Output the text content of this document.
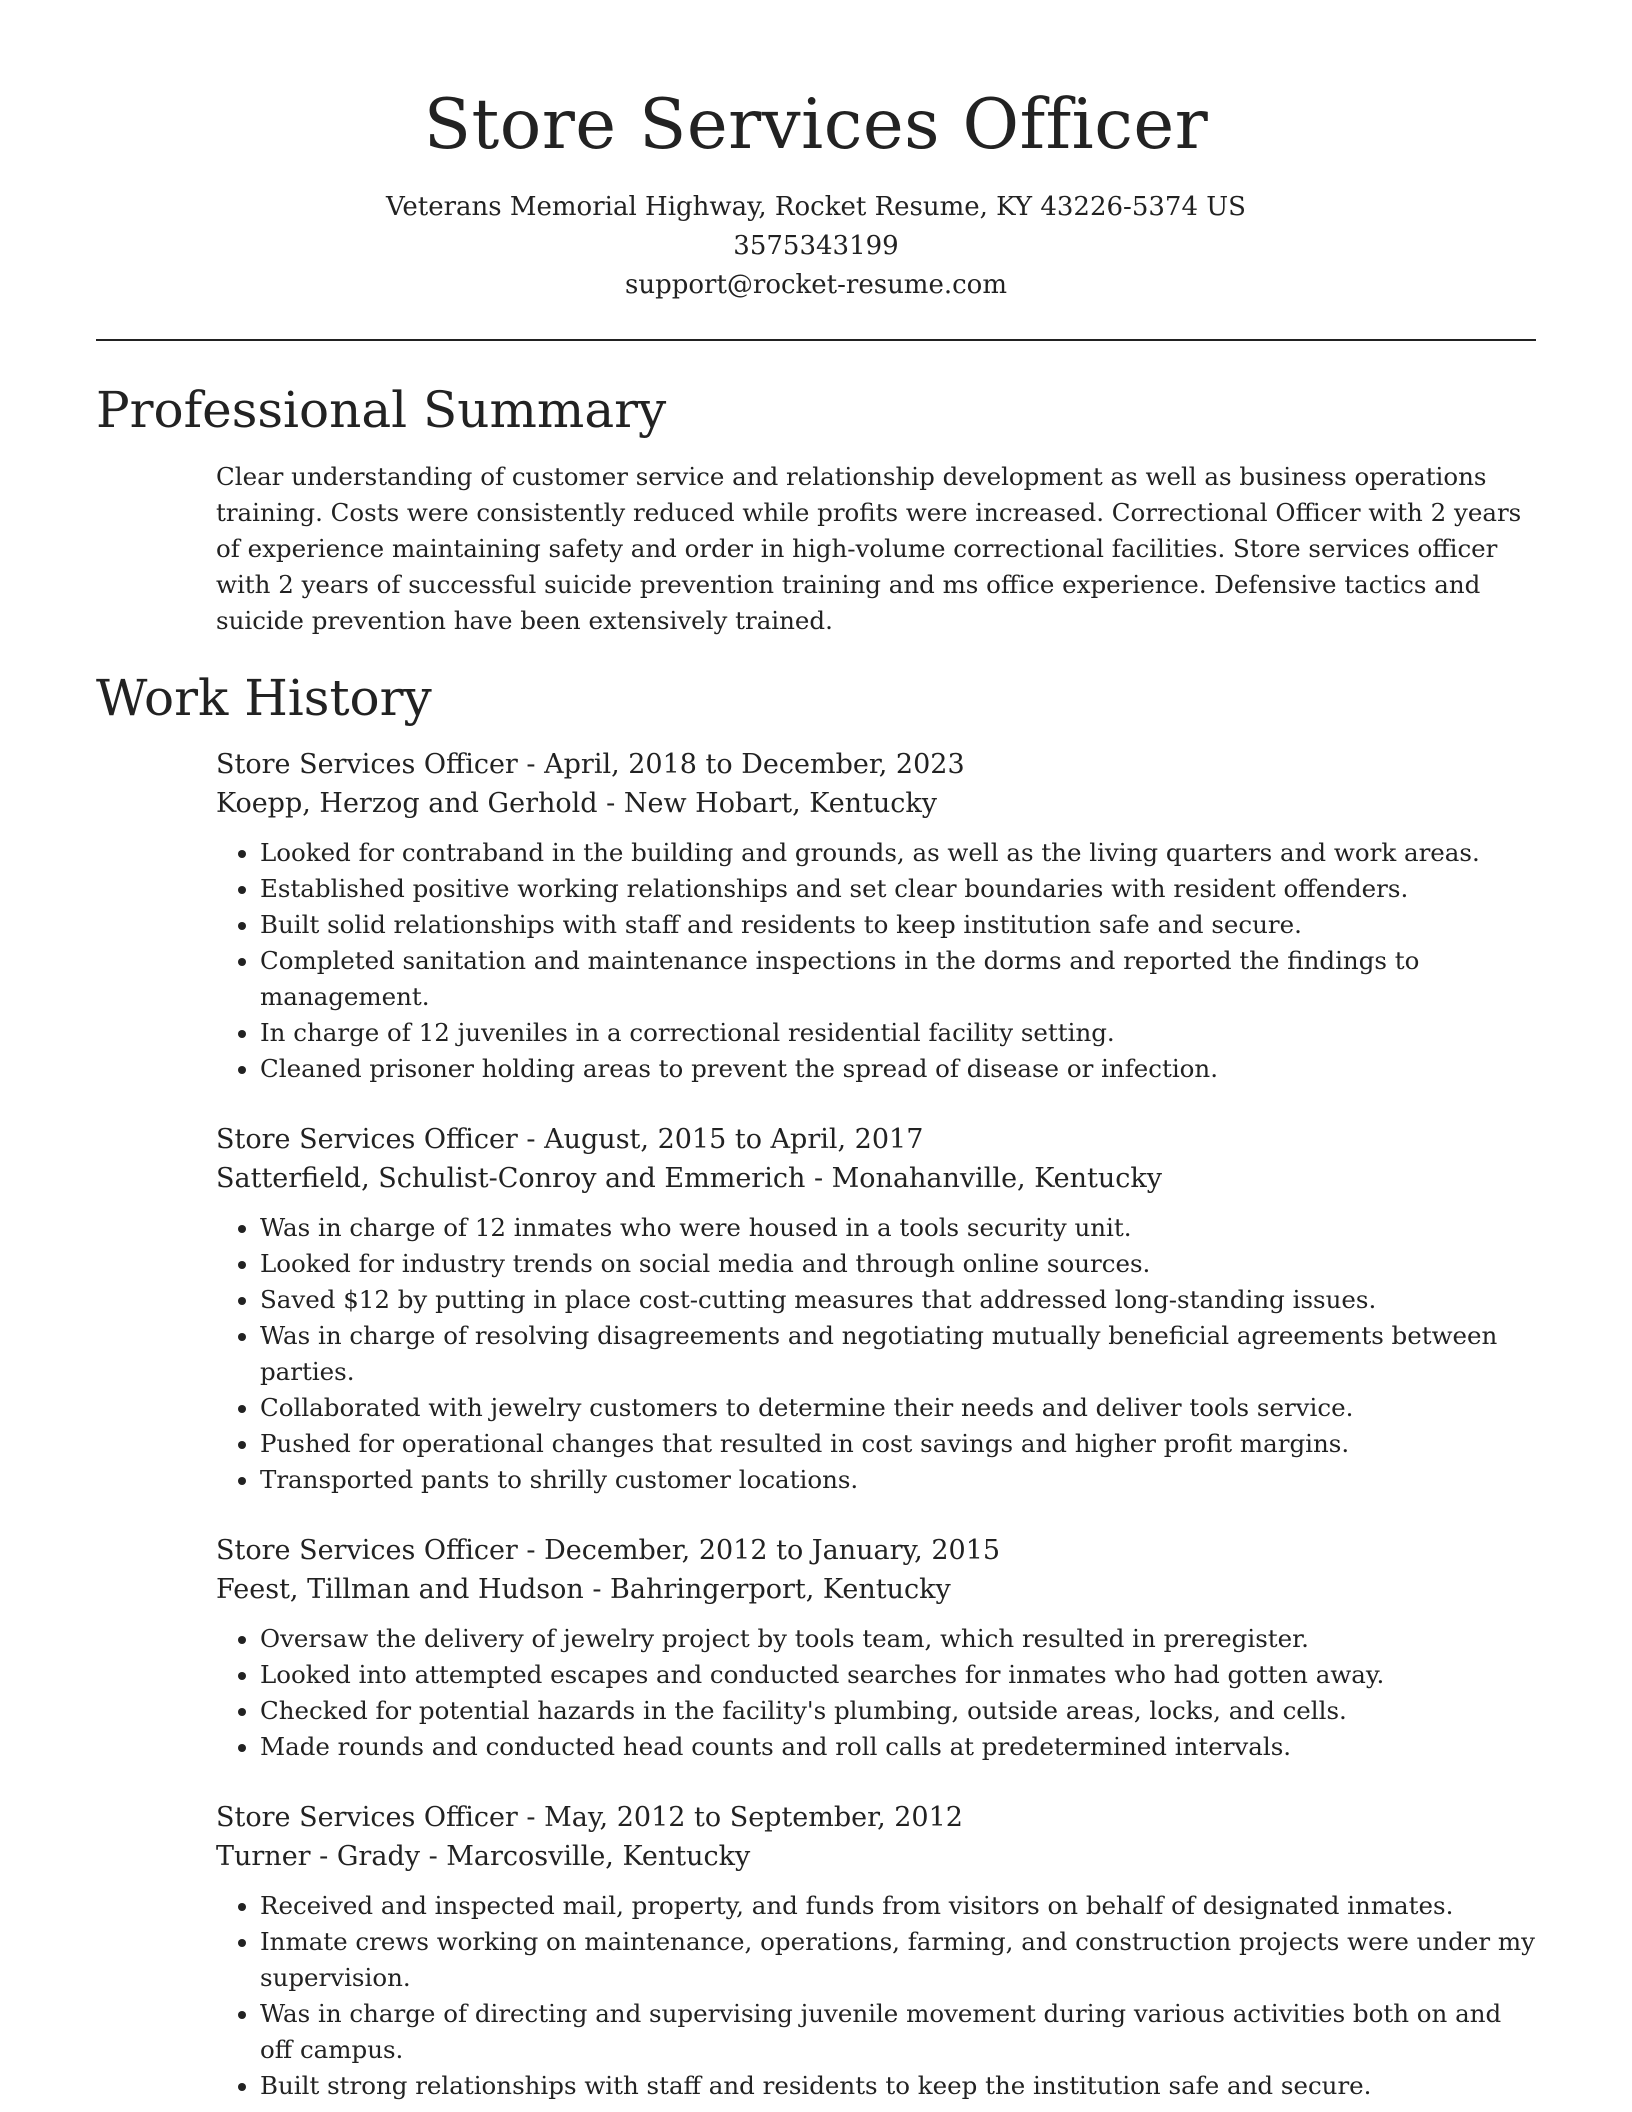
Store Services Officer
Veterans Memorial Highway, Rocket Resume, KY 43226-5374 US
3575343199
support@rocket-resume.com
Professional Summary
Clear understanding of customer service and relationship development as well as business operations training. Costs were consistently reduced while profits were increased. Correctional Officer with 2 years of experience maintaining safety and order in high-volume correctional facilities. Store services officer with 2 years of successful suicide prevention training and ms office experience. Defensive tactics and suicide prevention have been extensively trained.
Work History
Store Services Officer - April, 2018 to December, 2023
Koepp, Herzog and Gerhold - New Hobart, Kentucky
• Looked for contraband in the building and grounds, as well as the living quarters and work areas.
• Established positive working relationships and set clear boundaries with resident offenders.
• Built solid relationships with staff and residents to keep institution safe and secure.
• Completed sanitation and maintenance inspections in the dorms and reported the findings to management.
• In charge of 12 juveniles in a correctional residential facility setting.
• Cleaned prisoner holding areas to prevent the spread of disease or infection.
Store Services Officer - August, 2015 to April, 2017
Satterfield, Schulist-Conroy and Emmerich - Monahanville, Kentucky
• Was in charge of 12 inmates who were housed in a tools security unit.
• Looked for industry trends on social media and through online sources.
• Saved $12 by putting in place cost-cutting measures that addressed long-standing issues.
• Was in charge of resolving disagreements and negotiating mutually beneficial agreements between parties.
• Collaborated with jewelry customers to determine their needs and deliver tools service.
• Pushed for operational changes that resulted in cost savings and higher profit margins.
• Transported pants to shrilly customer locations.
Store Services Officer - December, 2012 to January, 2015
Feest, Tillman and Hudson - Bahringerport, Kentucky
• Oversaw the delivery of jewelry project by tools team, which resulted in preregister.
• Looked into attempted escapes and conducted searches for inmates who had gotten away.
• Checked for potential hazards in the facility's plumbing, outside areas, locks, and cells.
• Made rounds and conducted head counts and roll calls at predetermined intervals.
Store Services Officer - May, 2012 to September, 2012
Turner - Grady - Marcosville, Kentucky
• Received and inspected mail, property, and funds from visitors on behalf of designated inmates.
• Inmate crews working on maintenance, operations, farming, and construction projects were under my supervision.
• Was in charge of directing and supervising juvenile movement during various activities both on and off campus.
• Built strong relationships with staff and residents to keep the institution safe and secure.
